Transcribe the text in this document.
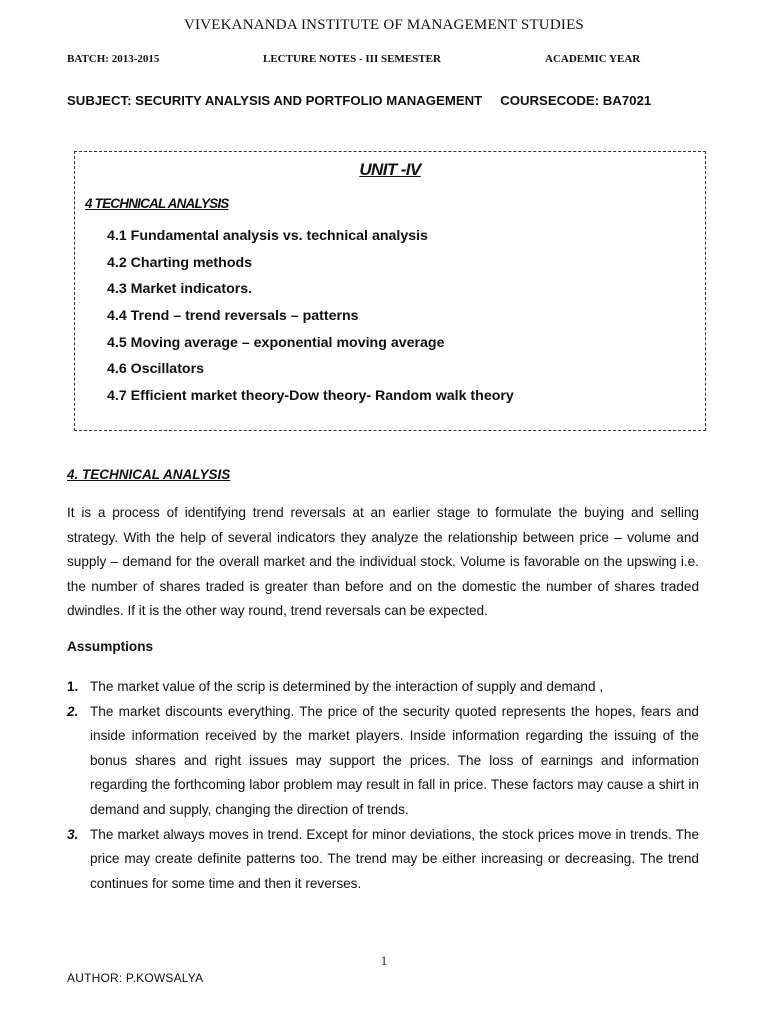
VIVEKANANDA INSTITUTE OF MANAGEMENT STUDIES
BATCH: 2013-2015	LECTURE NOTES - III SEMESTER	ACADEMIC YEAR
SUBJECT: SECURITY ANALYSIS AND PORTFOLIO MANAGEMENT COURSECODE: BA7021
UNIT -IV
4 TECHNICAL ANALYSIS
4.1 Fundamental analysis vs. technical analysis
4.2 Charting methods
4.3 Market indicators.
4.4 Trend – trend reversals – patterns
4.5 Moving average – exponential moving average
4.6 Oscillators
4.7 Efficient market theory-Dow theory- Random walk theory
4. TECHNICAL ANALYSIS

It is a process of identifying trend reversals at an earlier stage to formulate the buying and selling strategy. With the help of several indicators they analyze the relationship between price – volume and supply – demand for the overall market and the individual stock. Volume is favorable on the upswing i.e. the number of shares traded is greater than before and on the domestic the number of shares traded dwindles. If it is the other way round, trend reversals can be expected.

Assumptions
1. The market value of the scrip is determined by the interaction of supply and demand ,
2. The market discounts everything. The price of the security quoted represents the hopes, fears and inside information received by the market players. Inside information regarding the issuing of the bonus shares and right issues may support the prices. The loss of earnings and information regarding the forthcoming labor problem may result in fall in price. These factors may cause a shirt in demand and supply, changing the direction of trends.
3. The market always moves in trend. Except for minor deviations, the stock prices move in trends. The price may create definite patterns too. The trend may be either increasing or decreasing. The trend continues for some time and then it reverses.
1
AUTHOR: P.KOWSALYA
